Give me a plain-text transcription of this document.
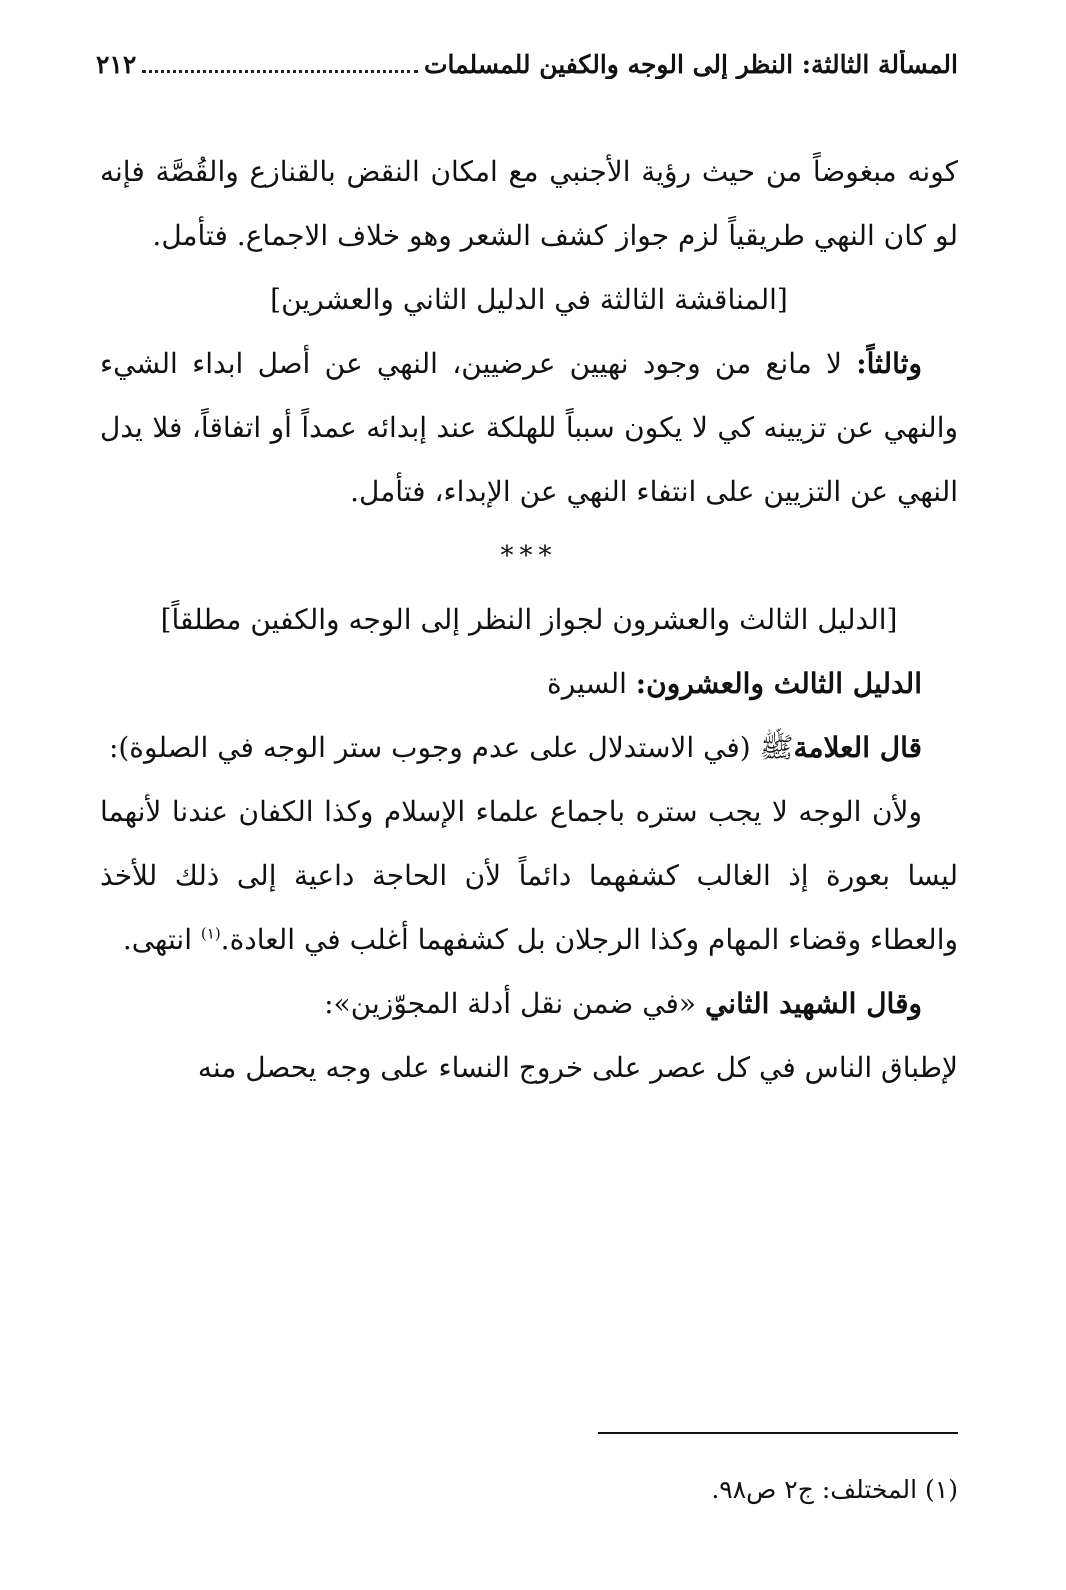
المسألة الثالثة: النظر إلى الوجه والكفين للمسلمات
٢١٢

كونه مبغوضاً من حيث رؤية الأجنبي مع امكان النقض بالقنازع والقُصَّة فإنه لو كان النهي طريقياً لزم جواز كشف الشعر وهو خلاف الاجماع. فتأمل.

[المناقشة الثالثة في الدليل الثاني والعشرين]

وثالثاً: لا مانع من وجود نهيين عرضيين، النهي عن أصل ابداء الشيء والنهي عن تزيينه كي لا يكون سبباً للهلكة عند إبدائه عمداً أو اتفاقاً، فلا يدل النهي عن التزيين على انتفاء النهي عن الإبداء، فتأمل.

***

[الدليل الثالث والعشرون لجواز النظر إلى الوجه والكفين مطلقاً]

الدليل الثالث والعشرون: السيرة

قال العلامةﷺ (في الاستدلال على عدم وجوب ستر الوجه في الصلوة):

ولأن الوجه لا يجب ستره باجماع علماء الإسلام وكذا الكفان عندنا لأنهما ليسا بعورة إذ الغالب كشفهما دائماً لأن الحاجة داعية إلى ذلك للأخذ والعطاء وقضاء المهام وكذا الرجلان بل كشفهما أغلب في العادة.$^{(١)}$ انتهى.

وقال الشهيد الثاني «في ضمن نقل أدلة المجوّزين»:

لإطباق الناس في كل عصر على خروج النساء على وجه يحصل منه

(١) المختلف: ج٢ ص٩٨.
